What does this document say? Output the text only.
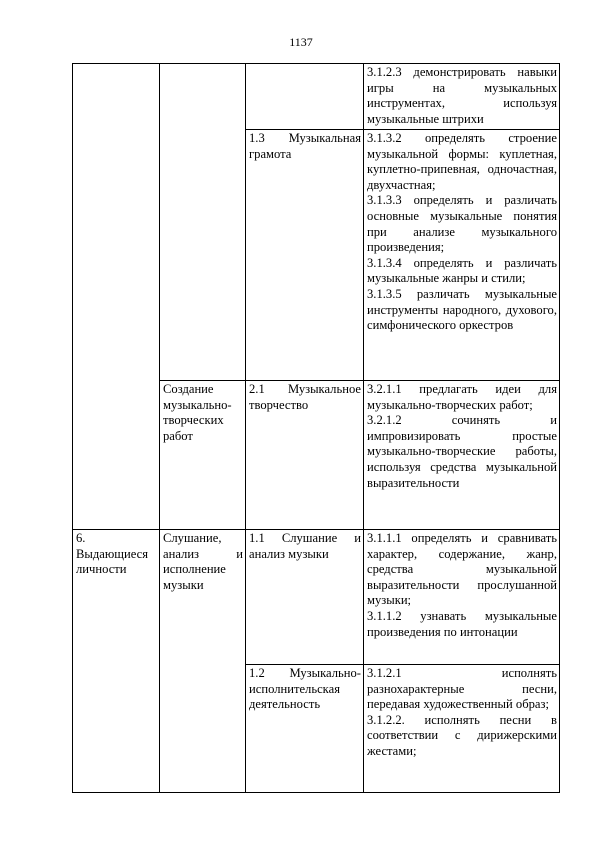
1137

			3.1.2.3 демонстрировать навыки игры на музыкальных инструментах, используя музыкальные штрихи

		1.3 Музыкальная грамота	3.1.3.2 определять строение музыкальной формы: куплетная, куплетно-припевная, одночастная, двухчастная;
3.1.3.3 определять и различать основные музыкальные понятия при анализе музыкального произведения;
3.1.3.4 определять и различать музыкальные жанры и стили;
3.1.3.5 различать музыкальные инструменты народного, духового, симфонического оркестров

	Создание музыкально-творческих работ	2.1 Музыкальное творчество	3.2.1.1 предлагать идеи для музыкально-творческих работ;
3.2.1.2 сочинять и импровизировать простые музыкально-творческие работы, используя средства музыкальной выразительности

6. Выдающиеся личности	Слушание, анализ и исполнение музыки	1.1 Слушание и анализ музыки	3.1.1.1 определять и сравнивать характер, содержание, жанр, средства музыкальной выразительности прослушанной музыки;
3.1.1.2 узнавать музыкальные произведения по интонации

		1.2 Музыкально-исполнительская деятельность	3.1.2.1 исполнять разнохарактерные песни, передавая художественный образ;
3.1.2.2. исполнять песни в соответствии с дирижерскими жестами;
